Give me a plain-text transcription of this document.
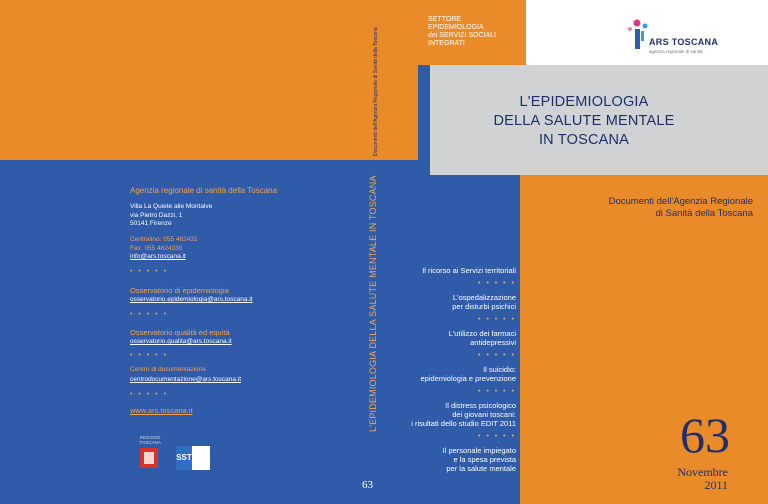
Agenzia regionale di sanità della Toscana
Villa La Quiete alle Montalve
via Pietro Dazzi, 1
50141 Firenze
Centralino: 055 462431
Fax: 055 4624330
info@ars.toscana.it
• • • • •
Osservatorio di epidemiologia
osservatorio.epidemiologia@ars.toscana.it
• • • • •
Osservatorio qualità ed equità
osservatorio.qualita@ars.toscana.it
• • • • •
Centro di documentazione
centrodocumentazione@ars.toscana.it
• • • • •
www.ars.toscana.it
REGIONE TOSCANA
SST
Documenti dell'Agenzia Regionale di Sanità della Toscana
L'EPIDEMIOLOGIA DELLA SALUTE MENTALE IN TOSCANA
63
SETTORE
EPIDEMIOLOGIA
dei SERVIZI SOCIALI
INTEGRATI	ARS TOSCANA
agenzia regionale di sanità
L'EPIDEMIOLOGIA
DELLA SALUTE MENTALE
IN TOSCANA
Documenti dell'Agenzia Regionale
di Sanità della Toscana
Il ricorso ai Servizi territoriali
• • • • •
L'ospedalizzazione
per disturbi psichici
• • • • •
L'utilizzo dei farmaci
antidepressivi
• • • • •
Il suicidio:
epidemiologia e prevenzione
• • • • •
Il distress psicologico
dei giovani toscani:
i risultati dello studio EDIT 2011
• • • • •
Il personale impiegato
e la spesa prevista
per la salute mentale
63
Novembre
2011
